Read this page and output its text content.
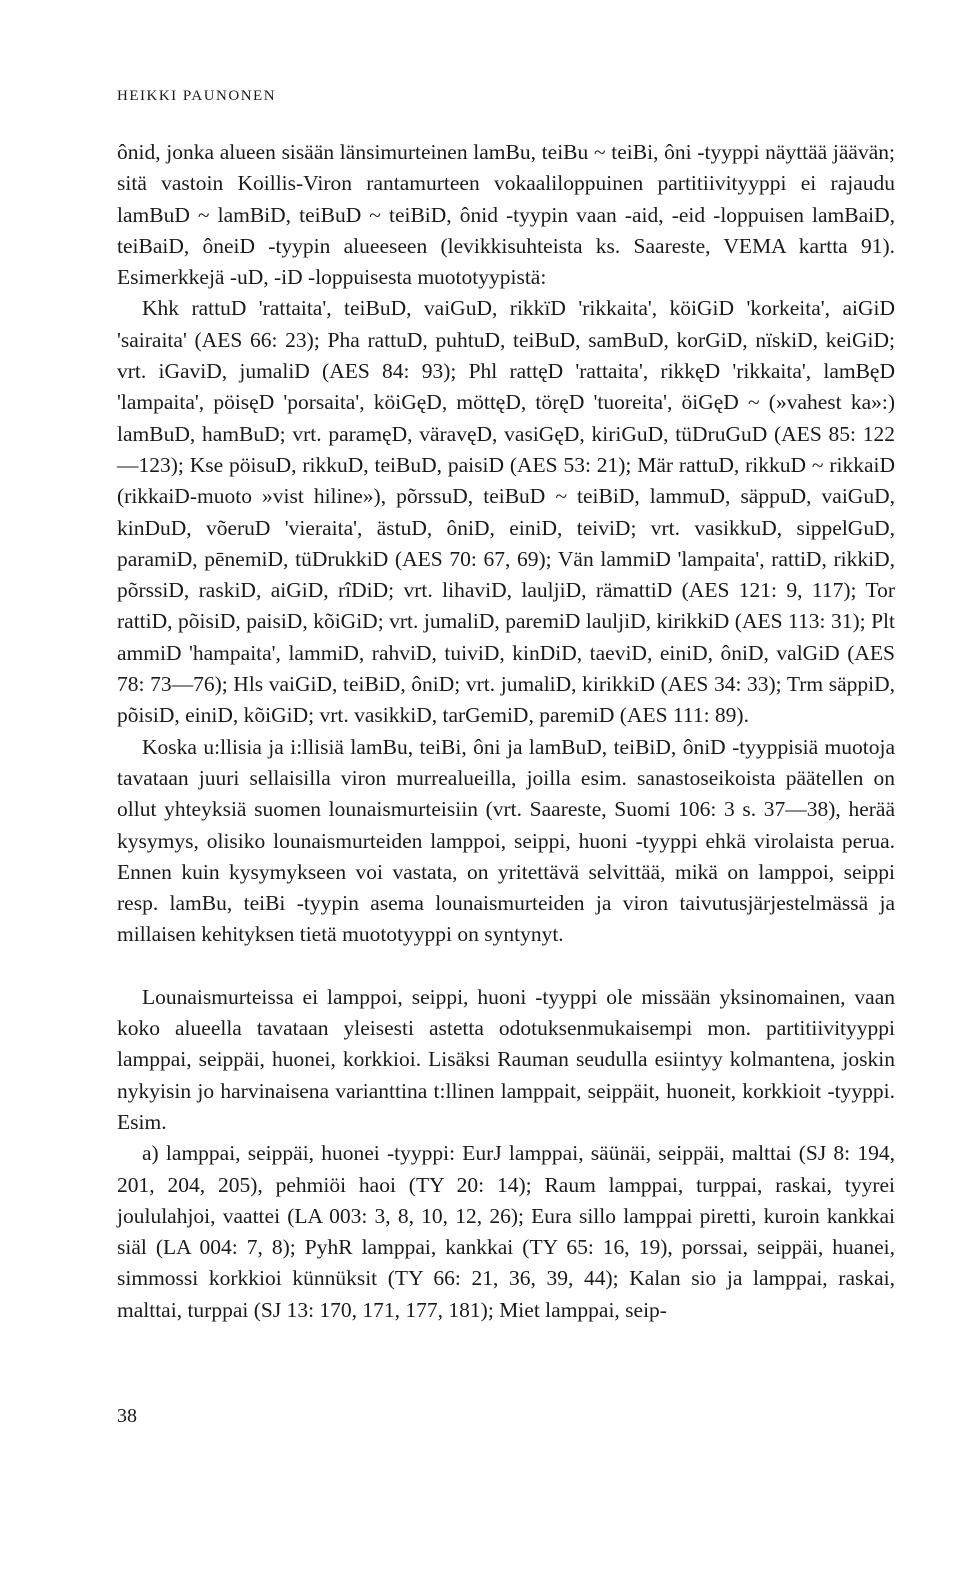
HEIKKI PAUNONEN

ônid, jonka alueen sisään länsimurteinen lamBu, teiBu ~ teiBi, ôni -tyyppi näyttää jäävän; sitä vastoin Koillis-Viron rantamurteen vokaaliloppuinen partitiivityyppi ei rajaudu lamBuD ~ lamBiD, teiBuD ~ teiBiD, ônid -tyypin vaan -aid, -eid -loppuisen lamBaiD, teiBaiD, ôneiD -tyypin alueeseen (levikkisuhteista ks. Saareste, VEMA kartta 91). Esimerkkejä -uD, -iD -loppuisesta muototyypistä:

Khk rattuD 'rattaita', teiBuD, vaiGuD, rikkïD 'rikkaita', köiGiD 'korkeita', aiGiD 'sairaita' (AES 66: 23); Pha rattuD, puhtuD, teiBuD, samBuD, korGiD, nïskiD, keiGiD; vrt. iGaviD, jumaliD (AES 84: 93); Phl rattęD 'rattaita', rikkęD 'rikkaita', lamBęD 'lampaita', pöisęD 'porsaita', köiGęD, möttęD, töręD 'tuoreita', öiGęD ~ (»vahest ka»:) lamBuD, hamBuD; vrt. paramęD, väravęD, vasiGęD, kiriGuD, tüDruGuD (AES 85: 122—123); Kse pöisuD, rikkuD, teiBuD, paisiD (AES 53: 21); Mär rattuD, rikkuD ~ rikkaiD (rikkaiD-muoto »vist hiline»), põrssuD, teiBuD ~ teiBiD, lammuD, säppuD, vaiGuD, kinDuD, võeruD 'vieraita', ästuD, ôniD, einiD, teiviD; vrt. vasikkuD, sippelGuD, paramiD, pēnemiD, tüDrukkiD (AES 70: 67, 69); Vän lammiD 'lampaita', rattiD, rikkiD, põrssiD, raskiD, aiGiD, rîDiD; vrt. lihaviD, lauljiD, rämattiD (AES 121: 9, 117); Tor rattiD, põisiD, paisiD, kõiGiD; vrt. jumaliD, paremiD lauljiD, kirikkiD (AES 113: 31); Plt ammiD 'hampaita', lammiD, rahviD, tuiviD, kinDiD, taeviD, einiD, ôniD, valGiD (AES 78: 73—76); Hls vaiGiD, teiBiD, ôniD; vrt. jumaliD, kirikkiD (AES 34: 33); Trm säppiD, põisiD, einiD, kõiGiD; vrt. vasikkiD, tarGemiD, paremiD (AES 111: 89).

Koska u:llisia ja i:llisiä lamBu, teiBi, ôni ja lamBuD, teiBiD, ôniD -tyyppisiä muotoja tavataan juuri sellaisilla viron murrealueilla, joilla esim. sanastoseikoista päätellen on ollut yhteyksiä suomen lounaismurteisiin (vrt. Saareste, Suomi 106: 3 s. 37—38), herää kysymys, olisiko lounaismurteiden lamppoi, seippi, huoni -tyyppi ehkä virolaista perua. Ennen kuin kysymykseen voi vastata, on yritettävä selvittää, mikä on lamppoi, seippi resp. lamBu, teiBi -tyypin asema lounaismurteiden ja viron taivutusjärjestelmässä ja millaisen kehityksen tietä muototyyppi on syntynyt.

Lounaismurteissa ei lamppoi, seippi, huoni -tyyppi ole missään yksinomainen, vaan koko alueella tavataan yleisesti astetta odotuksenmukaisempi mon. partitiivityyppi lamppai, seippäi, huonei, korkkioi. Lisäksi Rauman seudulla esiintyy kolmantena, joskin nykyisin jo harvinaisena varianttina t:llinen lamppait, seippäit, huoneit, korkkioit -tyyppi. Esim.

a) lamppai, seippäi, huonei -tyyppi: EurJ lamppai, säünäi, seippäi, malttai (SJ 8: 194, 201, 204, 205), pehmiöi haoi (TY 20: 14); Raum lamppai, turppai, raskai, tyyrei joululahjoi, vaattei (LA 003: 3, 8, 10, 12, 26); Eura sillo lamppai piretti, kuroin kankkai siäl (LA 004: 7, 8); PyhR lamppai, kankkai (TY 65: 16, 19), porssai, seippäi, huanei, simmossi korkkioi künnüksit (TY 66: 21, 36, 39, 44); Kalan sio ja lamppai, raskai, malttai, turppai (SJ 13: 170, 171, 177, 181); Miet lamppai, seip-

38
